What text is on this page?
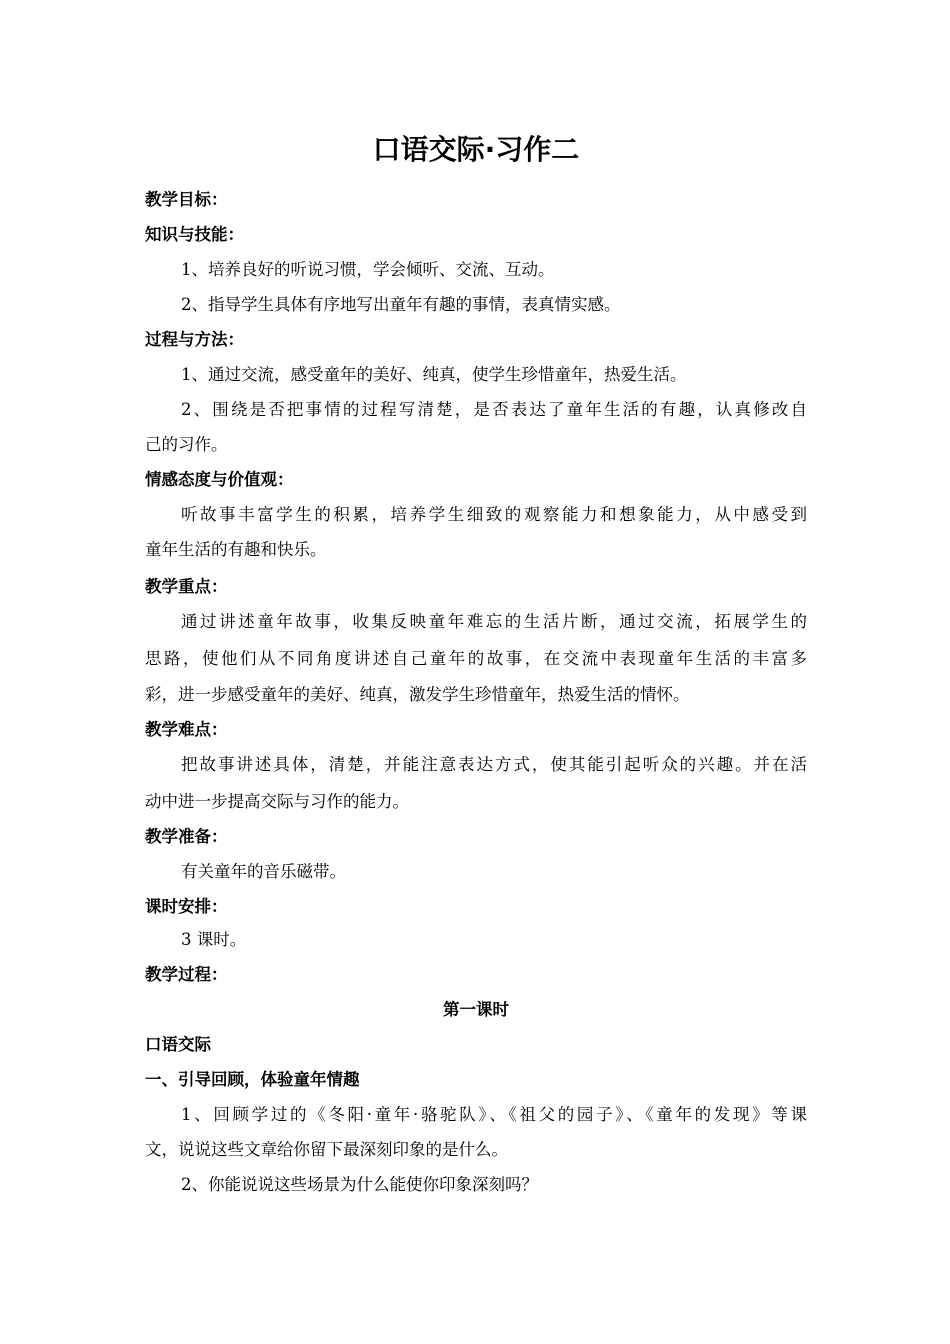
口语交际·习作二
教学目标：
知识与技能：
1、培养良好的听说习惯，学会倾听、交流、互动。
2、指导学生具体有序地写出童年有趣的事情，表真情实感。
过程与方法：
1、通过交流，感受童年的美好、纯真，使学生珍惜童年，热爱生活。
2、围绕是否把事情的过程写清楚，是否表达了童年生活的有趣，认真修改自
己的习作。
情感态度与价值观：
听故事丰富学生的积累，培养学生细致的观察能力和想象能力，从中感受到
童年生活的有趣和快乐。
教学重点：
通过讲述童年故事，收集反映童年难忘的生活片断，通过交流，拓展学生的
思路，使他们从不同角度讲述自己童年的故事，在交流中表现童年生活的丰富多
彩，进一步感受童年的美好、纯真，激发学生珍惜童年，热爱生活的情怀。
教学难点：
把故事讲述具体，清楚，并能注意表达方式，使其能引起听众的兴趣。并在活
动中进一步提高交际与习作的能力。
教学准备：
有关童年的音乐磁带。
课时安排：
3 课时。
教学过程：
第一课时
口语交际
一、引导回顾，体验童年情趣
1、回顾学过的《冬阳·童年·骆驼队》、《祖父的园子》、《童年的发现》等课
文，说说这些文章给你留下最深刻印象的是什么。
2、你能说说这些场景为什么能使你印象深刻吗？
